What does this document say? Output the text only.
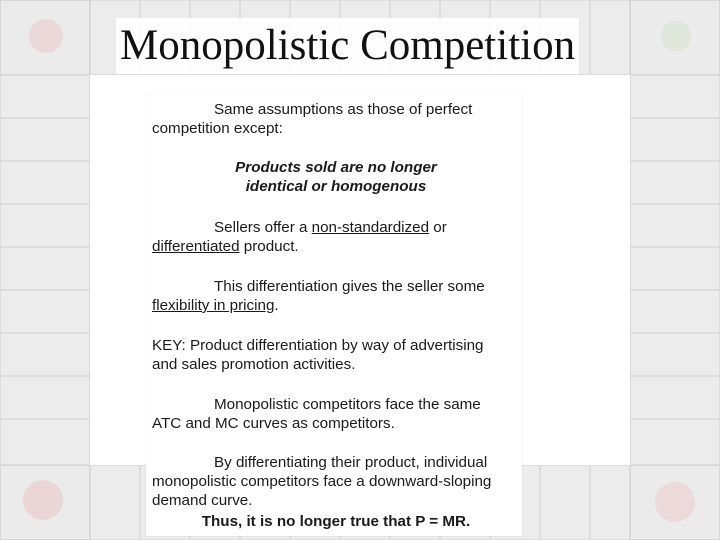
Monopolistic Competition

Same assumptions as those of perfect

competition except:

Products sold are no longer

identical or homogenous

Sellers offer a non-standardized or

differentiated product.

This differentiation gives the seller some

flexibility in pricing.

KEY: Product differentiation by way of advertising

and sales promotion activities.

Monopolistic competitors face the same

ATC and MC curves as competitors.

By differentiating their product, individual

monopolistic competitors face a downward-sloping

demand curve.

Thus, it is no longer true that P = MR.
